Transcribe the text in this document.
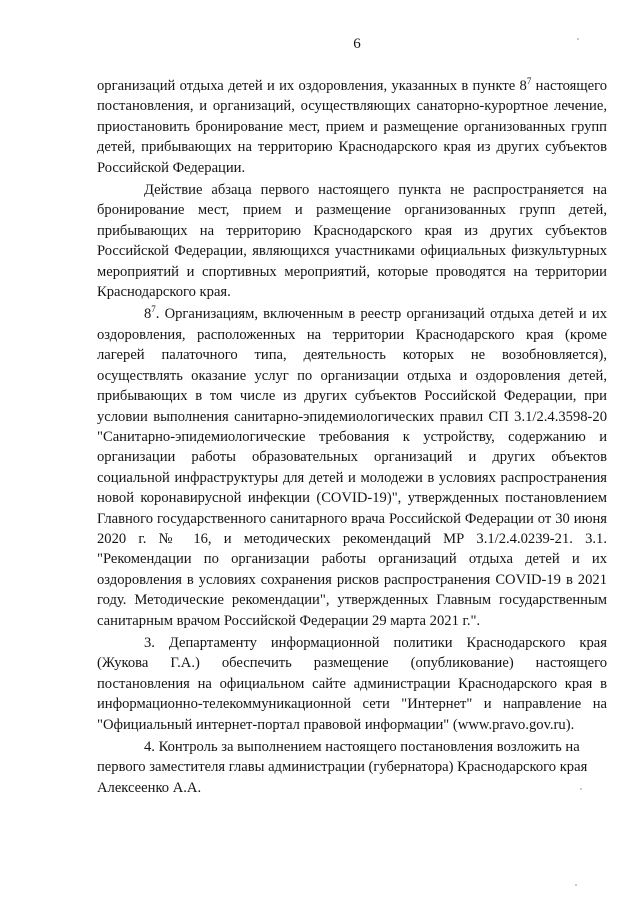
6

организаций отдыха детей и их оздоровления, указанных в пункте $8^7$ настоящего постановления, и организаций, осуществляющих санаторно-курортное лечение, приостановить бронирование мест, прием и размещение организованных групп детей, прибывающих на территорию Краснодарского края из других субъектов Российской Федерации.

Действие абзаца первого настоящего пункта не распространяется на бронирование мест, прием и размещение организованных групп детей, прибывающих на территорию Краснодарского края из других субъектов Российской Федерации, являющихся участниками официальных физкультурных мероприятий и спортивных мероприятий, которые проводятся на территории Краснодарского края.

$8^7$. Организациям, включенным в реестр организаций отдыха детей и их оздоровления, расположенных на территории Краснодарского края (кроме лагерей палаточного типа, деятельность которых не возобновляется), осуществлять оказание услуг по организации отдыха и оздоровления детей, прибывающих в том числе из других субъектов Российской Федерации, при условии выполнения санитарно-эпидемиологических правил СП 3.1/2.4.3598-20 "Санитарно-эпидемиологические требования к устройству, содержанию и организации работы образовательных организаций и других объектов социальной инфраструктуры для детей и молодежи в условиях распространения новой коронавирусной инфекции (COVID-19)", утвержденных постановлением Главного государственного санитарного врача Российской Федерации от 30 июня 2020 г. № 16, и методических рекомендаций МР 3.1/2.4.0239-21. 3.1. "Рекомендации по организации работы организаций отдыха детей и их оздоровления в условиях сохранения рисков распространения COVID-19 в 2021 году. Методические рекомендации", утвержденных Главным государственным санитарным врачом Российской Федерации 29 марта 2021 г.".

3. Департаменту информационной политики Краснодарского края (Жукова Г.А.) обеспечить размещение (опубликование) настоящего постановления на официальном сайте администрации Краснодарского края в информационно-телекоммуникационной сети "Интернет" и направление на "Официальный интернет-портал правовой информации" (www.pravo.gov.ru).

4. Контроль за выполнением настоящего постановления возложить на первого заместителя главы администрации (губернатора) Краснодарского края Алексеенко А.А.
